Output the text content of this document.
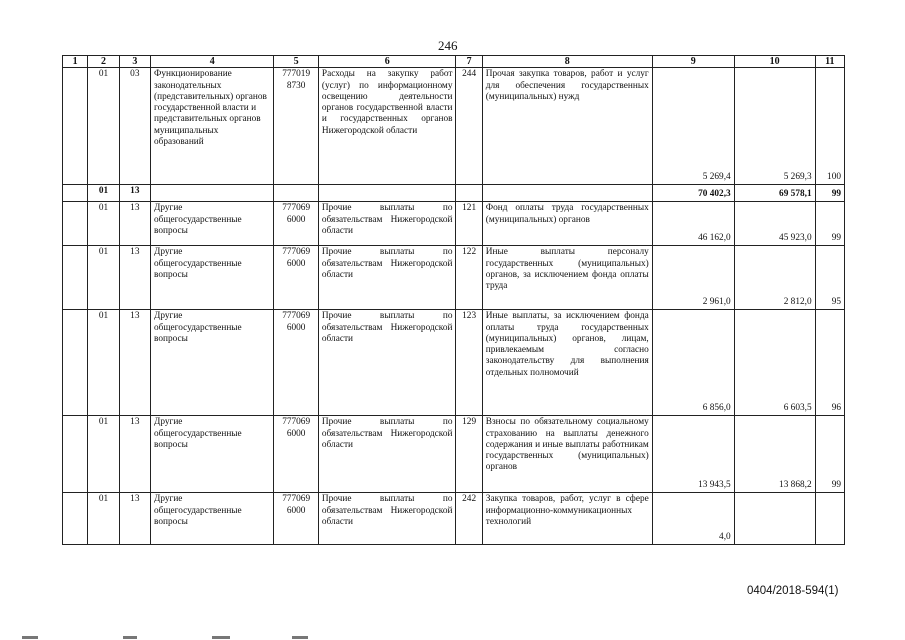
246
1	2	3	4	5	6	7	8	9	10	11
	01	03	Функционирование законодательных (представительных) органов государственной власти и представительных органов муниципальных образований	777019 8730	Расходы на закупку работ (услуг) по информационному освещению деятельности органов государственной власти и государственных органов Нижегородской области	244	Прочая закупка товаров, работ и услуг для обеспечения государственных (муниципальных) нужд	5 269,4	5 269,3	100
	01	13						70 402,3	69 578,1	99
	01	13	Другие общегосударственные вопросы	777069 6000	Прочие выплаты по обязательствам Нижегородской области	121	Фонд оплаты труда государственных (муниципальных) органов	46 162,0	45 923,0	99
	01	13	Другие общегосударственные вопросы	777069 6000	Прочие выплаты по обязательствам Нижегородской области	122	Иные выплаты персоналу государственных (муниципальных) органов, за исключением фонда оплаты труда	2 961,0	2 812,0	95
	01	13	Другие общегосударственные вопросы	777069 6000	Прочие выплаты по обязательствам Нижегородской области	123	Иные выплаты, за исключением фонда оплаты труда государственных (муниципальных) органов, лицам, привлекаемым согласно законодательству для выполнения отдельных полномочий	6 856,0	6 603,5	96
	01	13	Другие общегосударственные вопросы	777069 6000	Прочие выплаты по обязательствам Нижегородской области	129	Взносы по обязательному социальному страхованию на выплаты денежного содержания и иные выплаты работникам государственных (муниципальных) органов	13 943,5	13 868,2	99
	01	13	Другие общегосударственные вопросы	777069 6000	Прочие выплаты по обязательствам Нижегородской области	242	Закупка товаров, работ, услуг в сфере информационно-коммуникационных технологий	4,0		
0404/2018-594(1)
